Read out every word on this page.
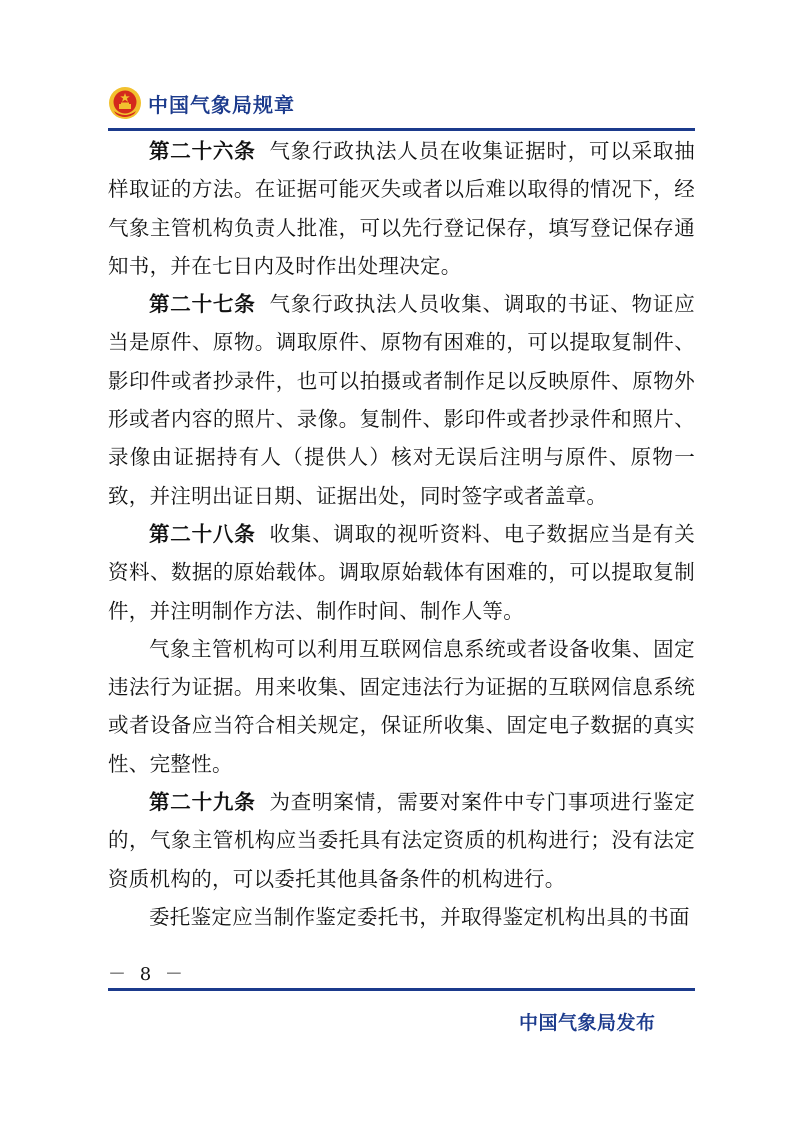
中国气象局规章

第二十六条 气象行政执法人员在收集证据时，可以采取抽样取证的方法。在证据可能灭失或者以后难以取得的情况下，经气象主管机构负责人批准，可以先行登记保存，填写登记保存通知书，并在七日内及时作出处理决定。

第二十七条 气象行政执法人员收集、调取的书证、物证应当是原件、原物。调取原件、原物有困难的，可以提取复制件、影印件或者抄录件，也可以拍摄或者制作足以反映原件、原物外形或者内容的照片、录像。复制件、影印件或者抄录件和照片、录像由证据持有人（提供人）核对无误后注明与原件、原物一致，并注明出证日期、证据出处，同时签字或者盖章。

第二十八条 收集、调取的视听资料、电子数据应当是有关资料、数据的原始载体。调取原始载体有困难的，可以提取复制件，并注明制作方法、制作时间、制作人等。

气象主管机构可以利用互联网信息系统或者设备收集、固定违法行为证据。用来收集、固定违法行为证据的互联网信息系统或者设备应当符合相关规定，保证所收集、固定电子数据的真实性、完整性。

第二十九条 为查明案情，需要对案件中专门事项进行鉴定的，气象主管机构应当委托具有法定资质的机构进行；没有法定资质机构的，可以委托其他具备条件的机构进行。

委托鉴定应当制作鉴定委托书，并取得鉴定机构出具的书面

－ 8 －
中国气象局发布
